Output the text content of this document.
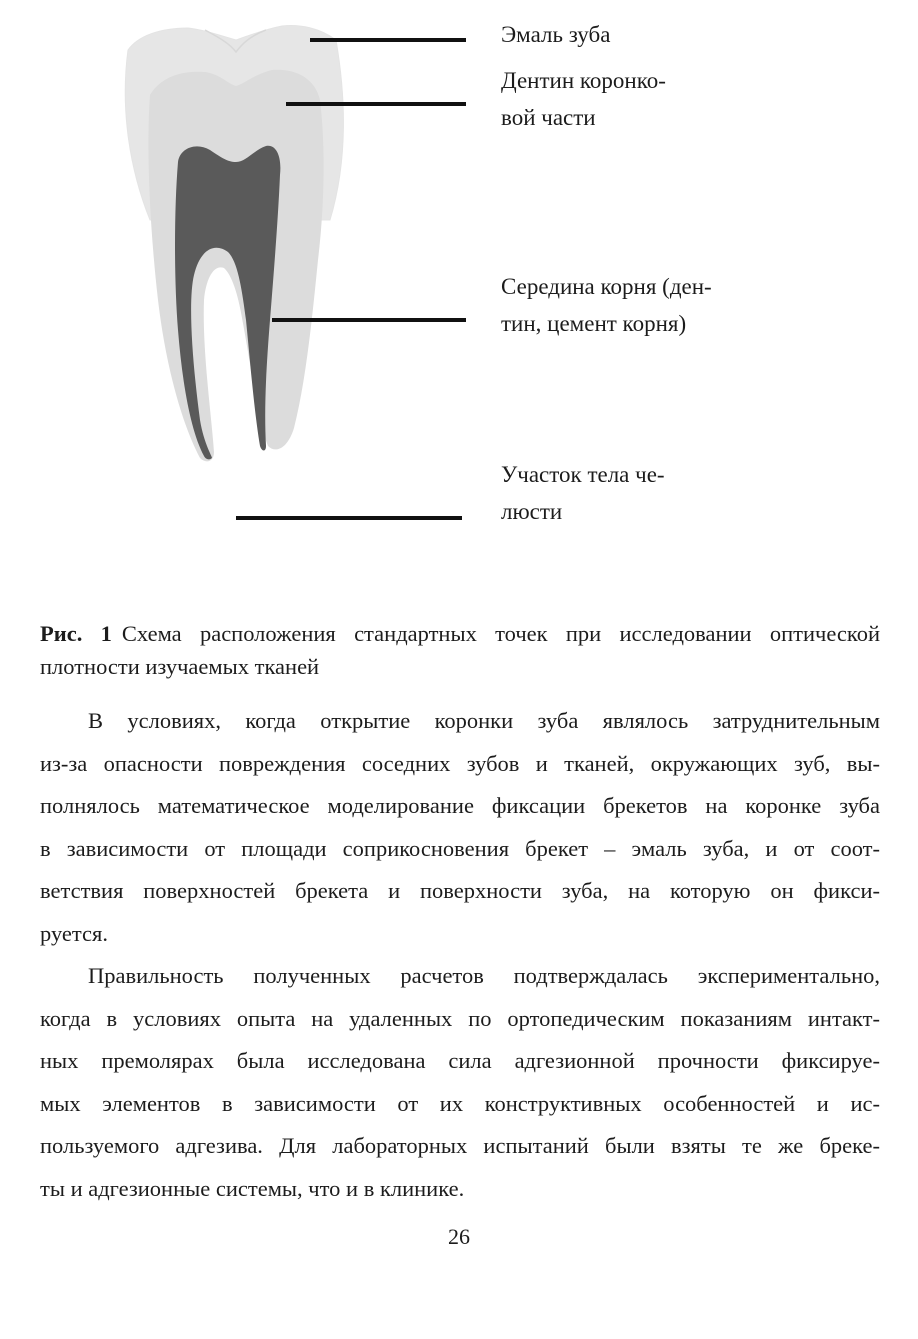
Эмаль зуба
Дентин коронко-
вой части
Середина корня (ден-
тин, цемент корня)
Участок тела че-
люсти
Рис. 1 Схема расположения стандартных точек при исследовании оптической
плотности изучаемых тканей
В условиях, когда открытие коронки зуба являлось затруднительным
из-за опасности повреждения соседних зубов и тканей, окружающих зуб, вы-
полнялось математическое моделирование фиксации брекетов на коронке зуба
в зависимости от площади соприкосновения брекет – эмаль зуба, и от соот-
ветствия поверхностей брекета и поверхности зуба, на которую он фикси-
руется.
Правильность полученных расчетов подтверждалась экспериментально,
когда в условиях опыта на удаленных по ортопедическим показаниям интакт-
ных премолярах была исследована сила адгезионной прочности фиксируе-
мых элементов в зависимости от их конструктивных особенностей и ис-
пользуемого адгезива. Для лабораторных испытаний были взяты те же бреке-
ты и адгезионные системы, что и в клинике.
26
